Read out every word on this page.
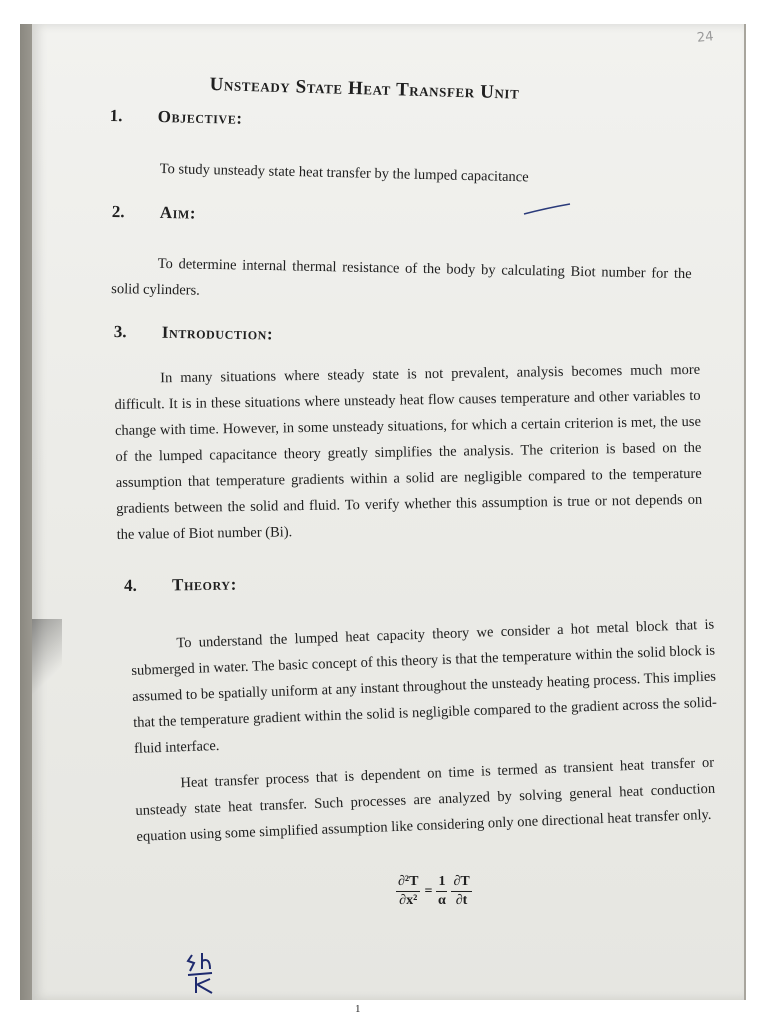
24
Unsteady State Heat Transfer Unit
1. Objective:
To study unsteady state heat transfer by the lumped capacitance
2. Aim:
To determine internal thermal resistance of the body by calculating Biot number for the solid cylinders.
3. Introduction:
In many situations where steady state is not prevalent, analysis becomes much more difficult. It is in these situations where unsteady heat flow causes temperature and other variables to change with time. However, in some unsteady situations, for which a certain criterion is met, the use of the lumped capacitance theory greatly simplifies the analysis. The criterion is based on the assumption that temperature gradients within a solid are negligible compared to the temperature gradients between the solid and fluid. To verify whether this assumption is true or not depends on the value of Biot number (Bi).
4. Theory:
To understand the lumped heat capacity theory we consider a hot metal block that is submerged in water. The basic concept of this theory is that the temperature within the solid block is assumed to be spatially uniform at any instant throughout the unsteady heating process. This implies that the temperature gradient within the solid is negligible compared to the gradient across the solid-fluid interface.
Heat transfer process that is dependent on time is termed as transient heat transfer or unsteady state heat transfer. Such processes are analyzed by solving general heat conduction equation using some simplified assumption like considering only one directional heat transfer only.
$\frac{\text{∂²T}}{\text{∂x²}} = \frac{1}{\alpha} \frac{\partial T}{\partial t}$
1
